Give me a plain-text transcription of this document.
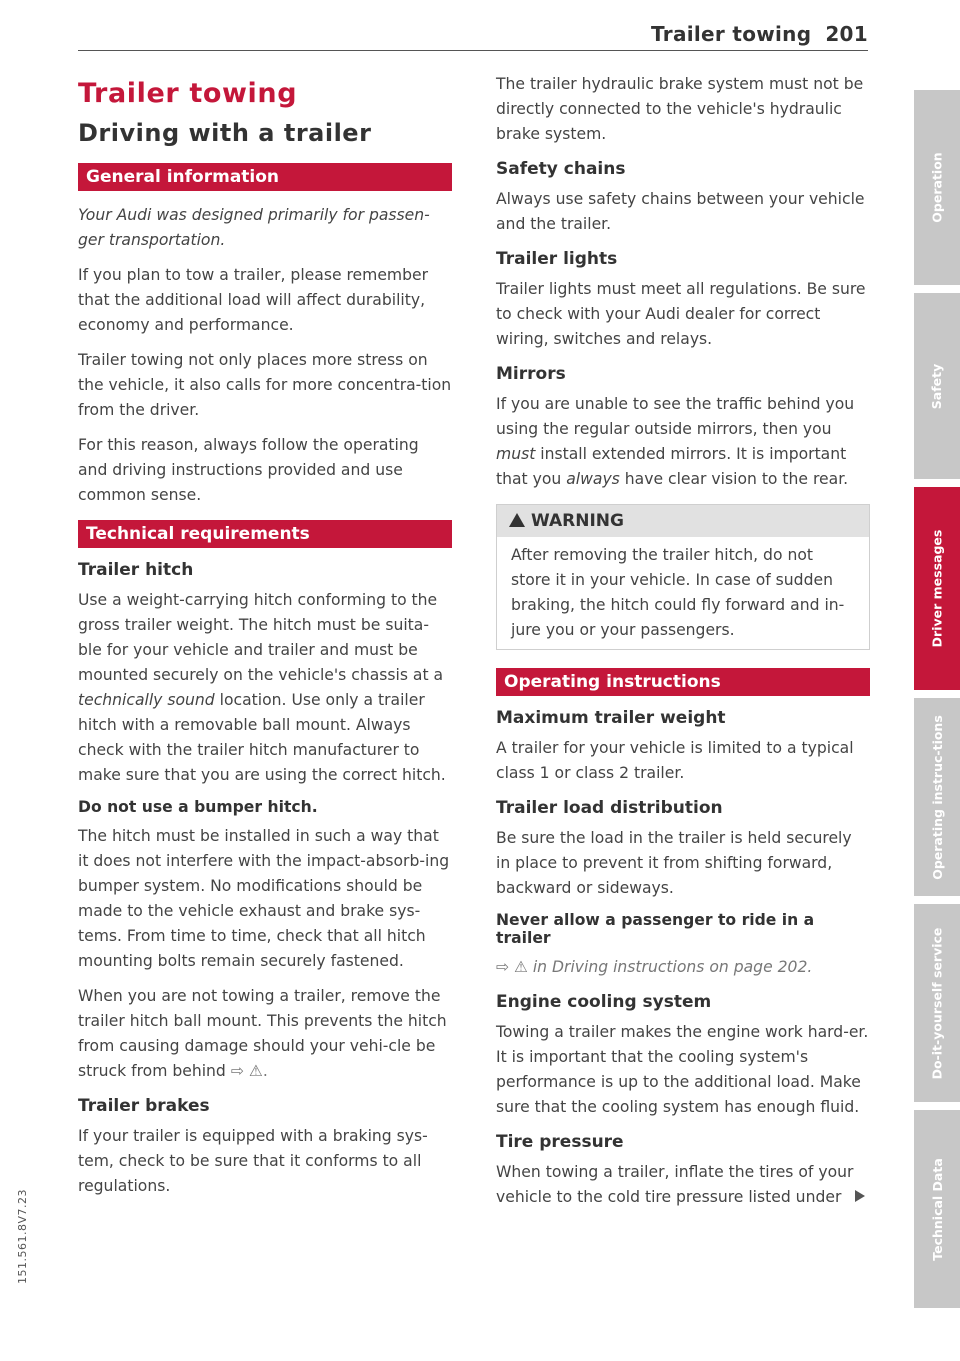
Trailer towing 201
151.561.8V7.23
Trailer towing
Driving with a trailer
General information

Your Audi was designed primarily for passen-ger transportation.

If you plan to tow a trailer, please remember that the additional load will affect durability, economy and performance.

Trailer towing not only places more stress on the vehicle, it also calls for more concentra-tion from the driver.

For this reason, always follow the operating and driving instructions provided and use common sense.

Technical requirements
Trailer hitch

Use a weight-carrying hitch conforming to the gross trailer weight. The hitch must be suita-ble for your vehicle and trailer and must be mounted securely on the vehicle's chassis at a technically sound location. Use only a trailer hitch with a removable ball mount. Always check with the trailer hitch manufacturer to make sure that you are using the correct hitch.

Do not use a bumper hitch.

The hitch must be installed in such a way that it does not interfere with the impact-absorb-ing bumper system. No modifications should be made to the vehicle exhaust and brake sys-tems. From time to time, check that all hitch mounting bolts remain securely fastened.

When you are not towing a trailer, remove the trailer hitch ball mount. This prevents the hitch from causing damage should your vehi-cle be struck from behind ⇨ ⚠.

Trailer brakes

If your trailer is equipped with a braking sys-tem, check to be sure that it conforms to all regulations.

The trailer hydraulic brake system must not be directly connected to the vehicle's hydraulic brake system.

Safety chains

Always use safety chains between your vehicle and the trailer.

Trailer lights

Trailer lights must meet all regulations. Be sure to check with your Audi dealer for correct wiring, switches and relays.

Mirrors

If you are unable to see the traffic behind you using the regular outside mirrors, then you must install extended mirrors. It is important that you always have clear vision to the rear.

WARNING

After removing the trailer hitch, do not store it in your vehicle. In case of sudden braking, the hitch could fly forward and in-jure you or your passengers.

Operating instructions
Maximum trailer weight

A trailer for your vehicle is limited to a typical class 1 or class 2 trailer.

Trailer load distribution

Be sure the load in the trailer is held securely in place to prevent it from shifting forward, backward or sideways.

Never allow a passenger to ride in a trailer

⇨ ⚠ in Driving instructions on page 202.

Engine cooling system

Towing a trailer makes the engine work hard-er. It is important that the cooling system's performance is up to the additional load. Make sure that the cooling system has enough fluid.

Tire pressure

When towing a trailer, inflate the tires of your vehicle to the cold tire pressure listed under

Operation
Safety
Driver messages
Operating instruc-tions
Do-it-yourself service
Technical Data
